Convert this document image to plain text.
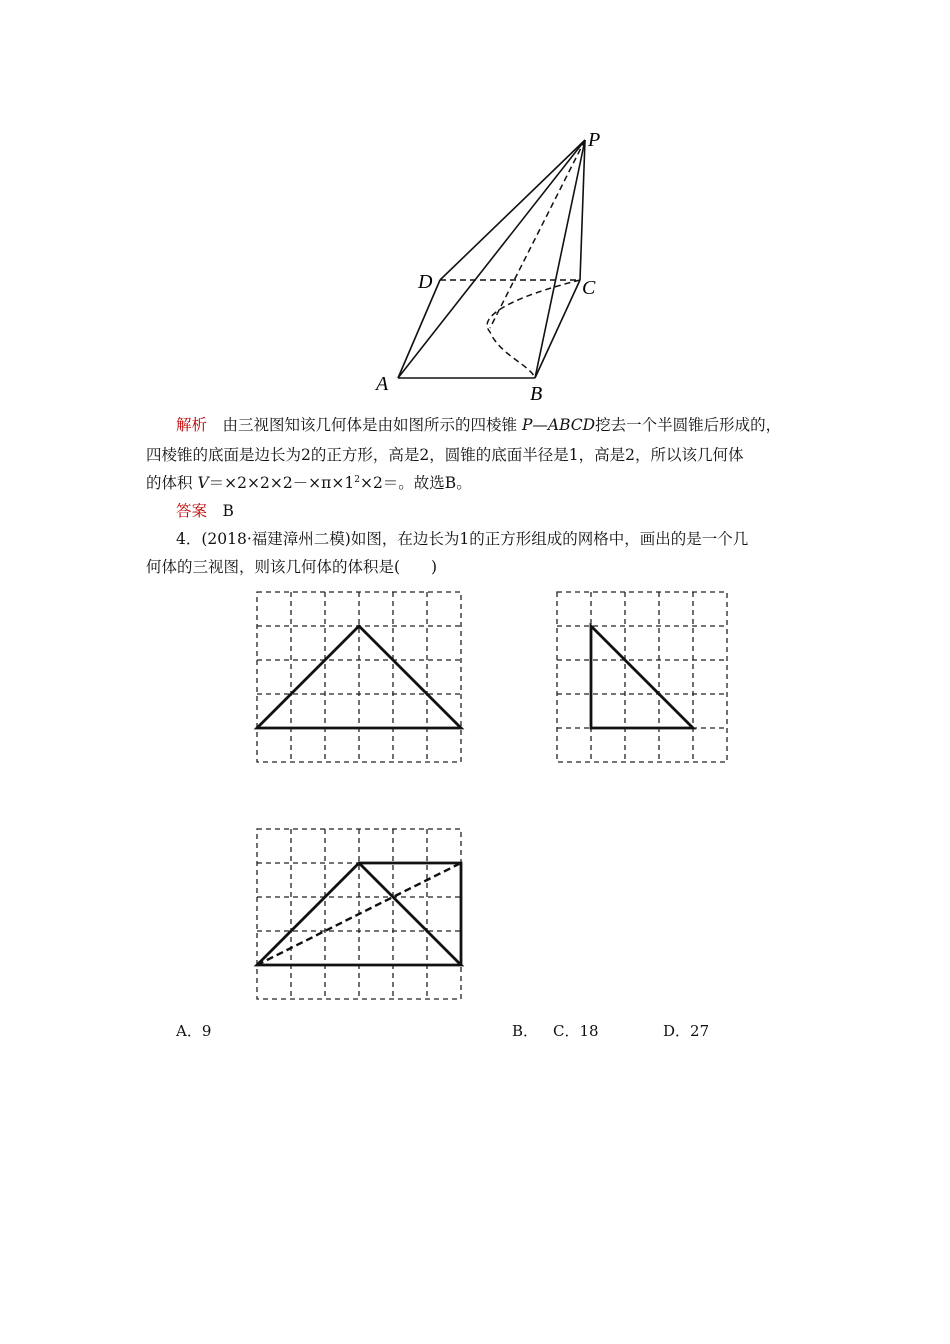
P
D	C
A	B
解析　 由三视图知该几何体是由如图所示的四棱锥 P—ABCD挖去一个半圆锥后形成的，
四棱锥的底面是边长为2的正方形，高是2，圆锥的底面半径是1，高是2，所以该几何体
的体积 $V=\times 2\times 2\times 2-\times\pi\times 1^2\times 2=$。故选B。
答案　 B
4．(2018·福建漳州二模)如图，在边长为1的正方形组成的网格中，画出的是一个几
何体的三视图，则该几何体的体积是(　　)
A．9	B． C．18	D．27
